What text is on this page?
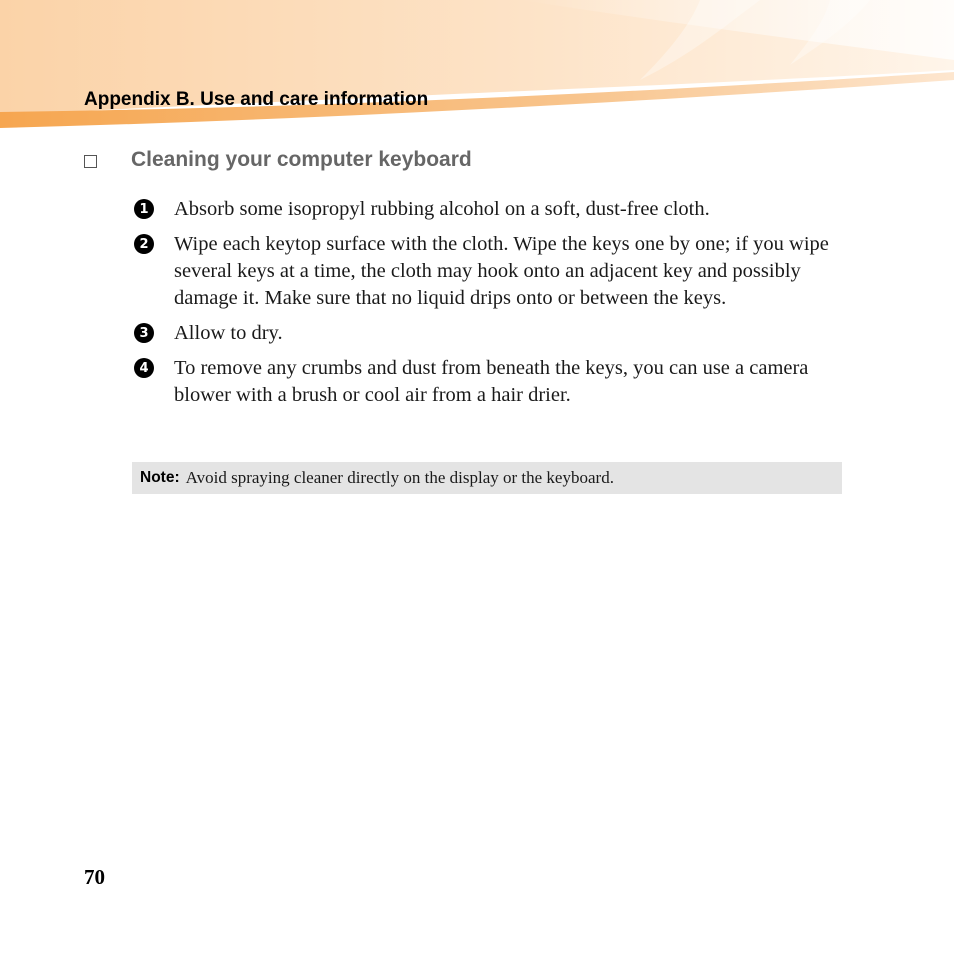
Appendix B. Use and care information
Cleaning your computer keyboard
1 Absorb some isopropyl rubbing alcohol on a soft, dust-free cloth.
2 Wipe each keytop surface with the cloth. Wipe the keys one by one; if you wipe several keys at a time, the cloth may hook onto an adjacent key and possibly damage it. Make sure that no liquid drips onto or between the keys.
3 Allow to dry.
4 To remove any crumbs and dust from beneath the keys, you can use a camera blower with a brush or cool air from a hair drier.
Note: Avoid spraying cleaner directly on the display or the keyboard.
70
